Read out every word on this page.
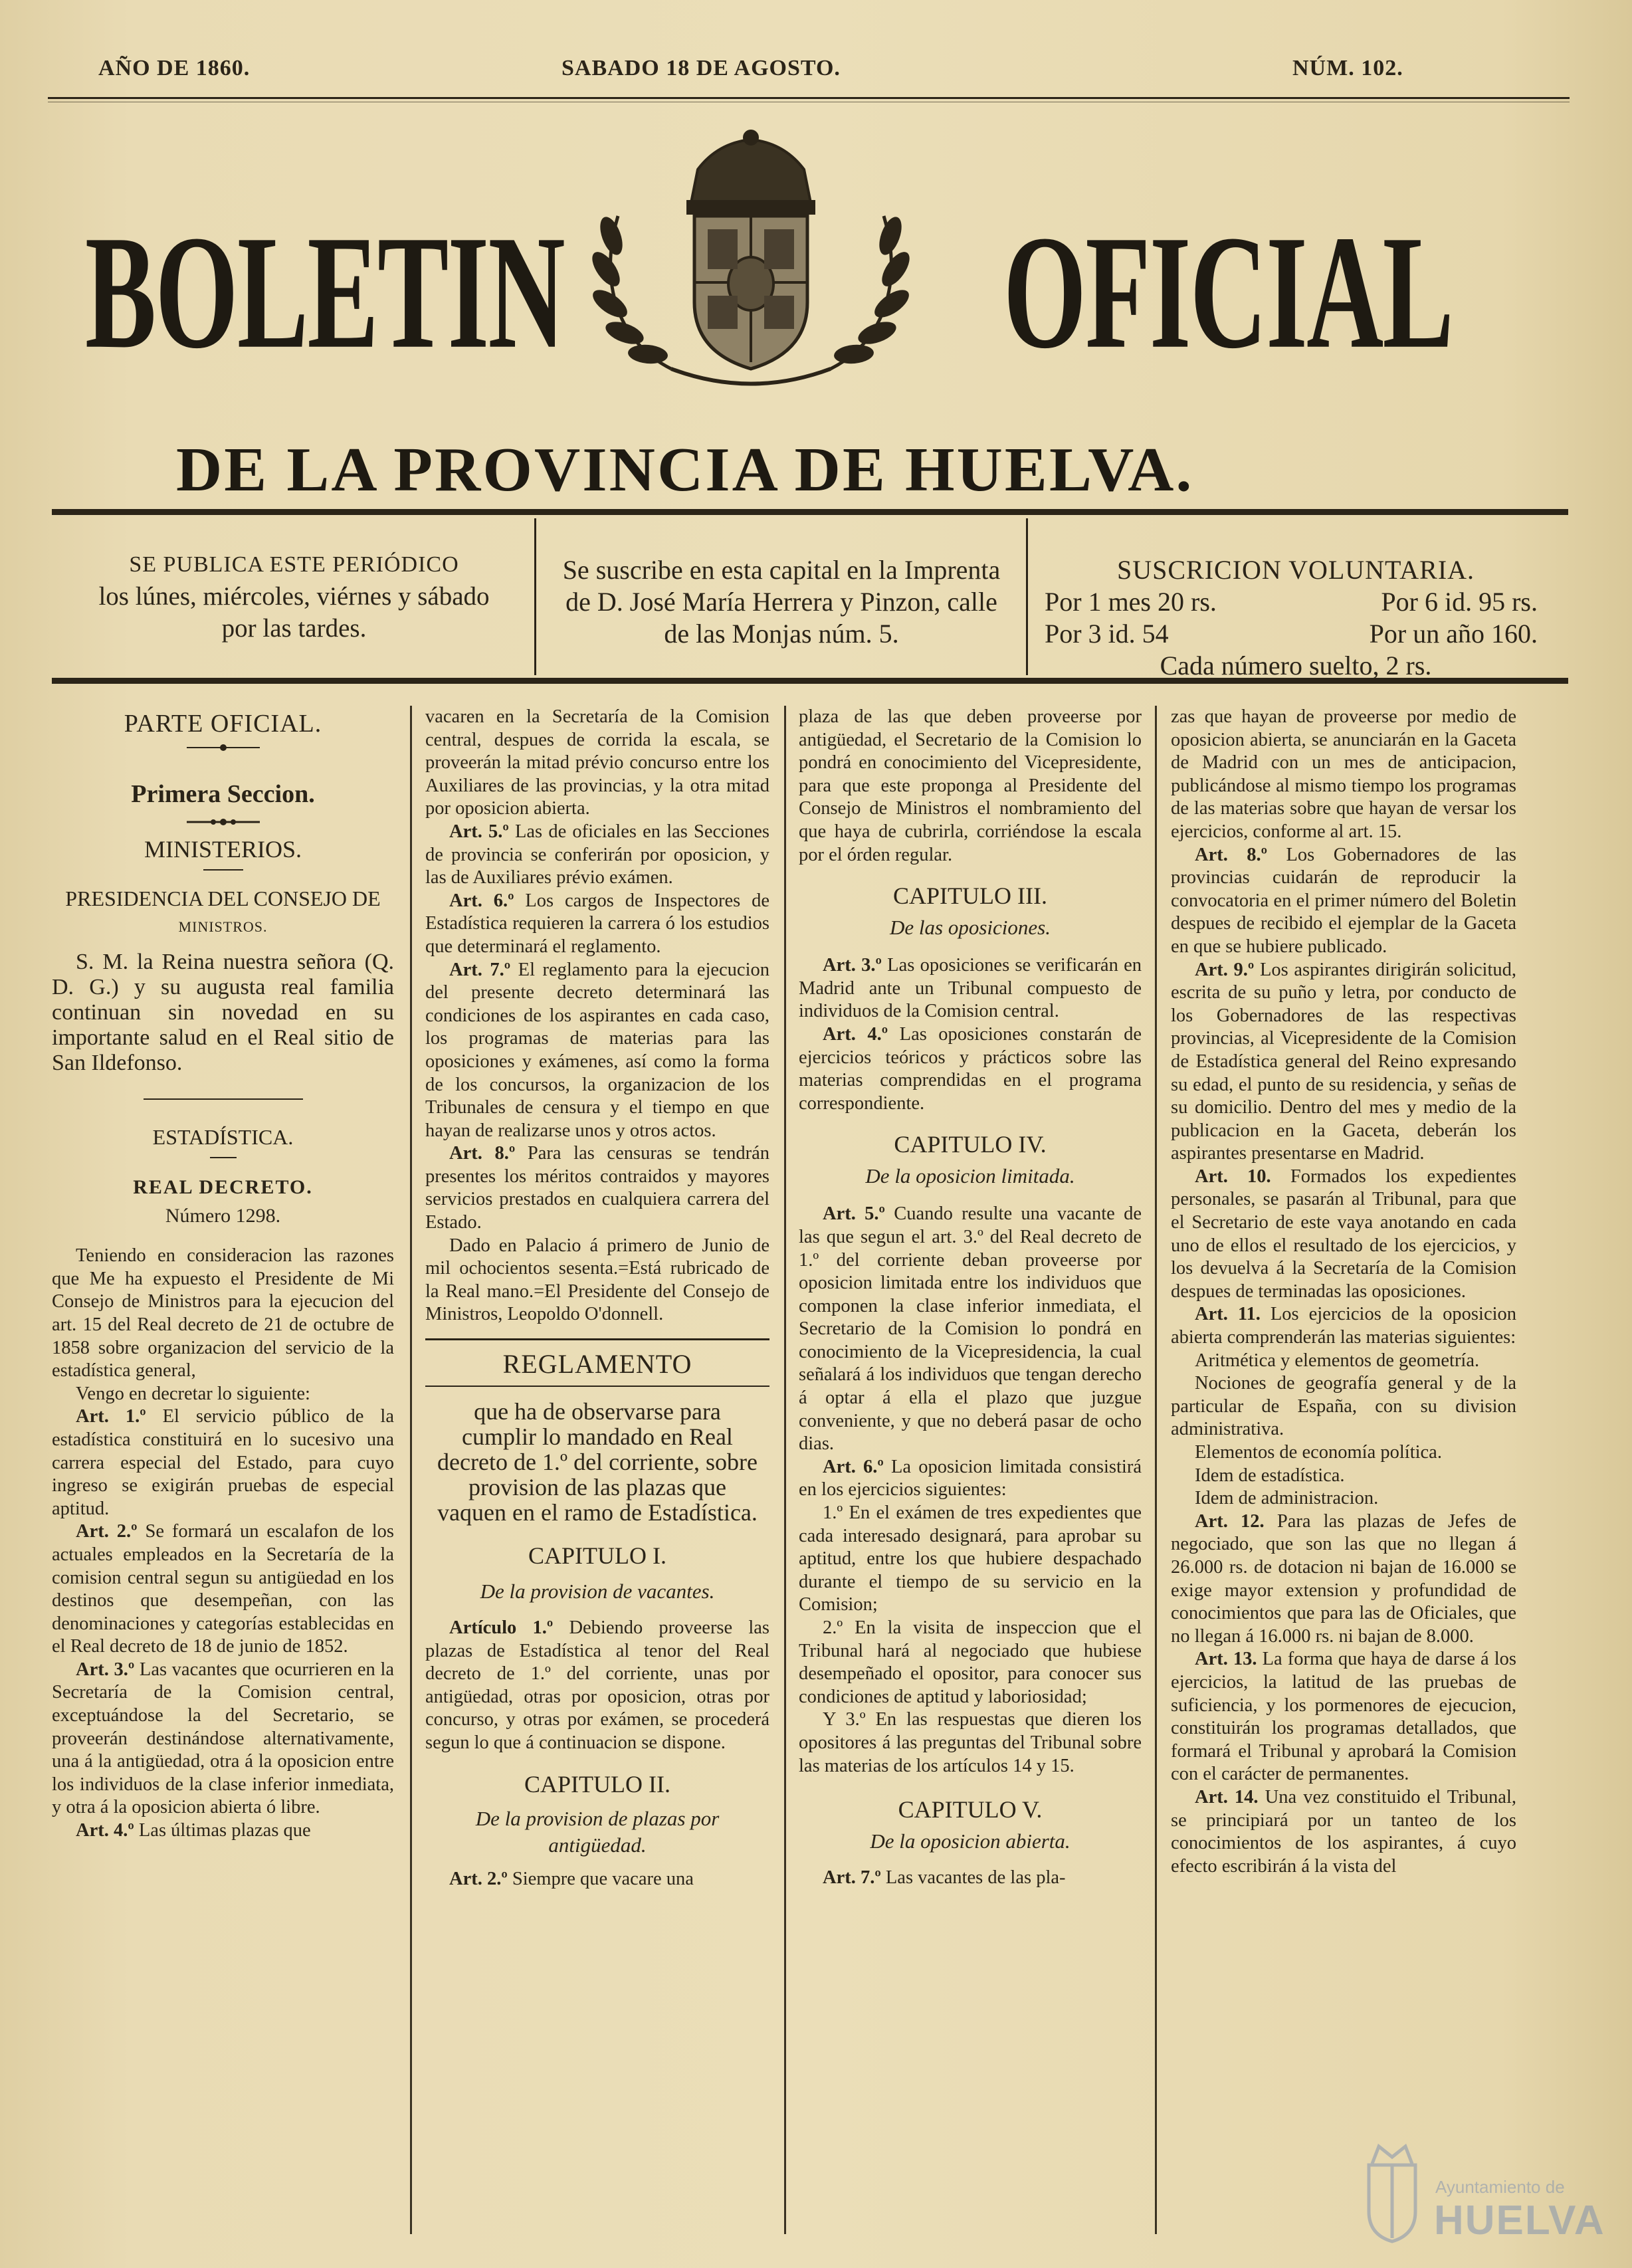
AÑO DE 1860.	SABADO 18 DE AGOSTO.	NÚM. 102.
BOLETIN	OFICIAL
DE LA PROVINCIA DE HUELVA.
SE PUBLICA ESTE PERIÓDICO
los lúnes, miércoles, viérnes y sábado
por las tardes.
Se suscribe en esta capital en la Imprenta
de D. José María Herrera y Pinzon, calle
de las Monjas núm. 5.
SUSCRICION VOLUNTARIA.
Por 1 mes 20 rs.	Por 6 id. 95 rs.
Por 3 id. 54	Por un año 160.
Cada número suelto, 2 rs.

PARTE OFICIAL.

Primera Seccion.

MINISTERIOS.

PRESIDENCIA DEL CONSEJO DE

MINISTROS.

S. M. la Reina nuestra señora (Q. D. G.) y su augusta real familia continuan sin novedad en su importante salud en el Real sitio de San Ildefonso.

ESTADÍSTICA.

REAL DECRETO.

Número 1298.

Teniendo en consideracion las razones que Me ha expuesto el Presidente de Mi Consejo de Ministros para la ejecucion del art. 15 del Real decreto de 21 de octubre de 1858 sobre organizacion del servicio de la estadística general,

Vengo en decretar lo siguiente:

Art. 1.º El servicio público de la estadística constituirá en lo sucesivo una carrera especial del Estado, para cuyo ingreso se exigirán pruebas de especial aptitud.

Art. 2.º Se formará un escalafon de los actuales empleados en la Secretaría de la comision central segun su antigüedad en los destinos que desempeñan, con las denominaciones y categorías establecidas en el Real decreto de 18 de junio de 1852.

Art. 3.º Las vacantes que ocurrieren en la Secretaría de la Comision central, exceptuándose la del Secretario, se proveerán destinándose alternativamente, una á la antigüedad, otra á la oposicion entre los individuos de la clase inferior inmediata, y otra á la oposicion abierta ó libre.

Art. 4.º Las últimas plazas que

vacaren en la Secretaría de la Comision central, despues de corrida la escala, se proveerán la mitad prévio concurso entre los Auxiliares de las provincias, y la otra mitad por oposicion abierta.

Art. 5.º Las de oficiales en las Secciones de provincia se conferirán por oposicion, y las de Auxiliares prévio exámen.

Art. 6.º Los cargos de Inspectores de Estadística requieren la carrera ó los estudios que determinará el reglamento.

Art. 7.º El reglamento para la ejecucion del presente decreto determinará las condiciones de los aspirantes en cada caso, los programas de materias para las oposiciones y exámenes, así como la forma de los concursos, la organizacion de los Tribunales de censura y el tiempo en que hayan de realizarse unos y otros actos.

Art. 8.º Para las censuras se tendrán presentes los méritos contraidos y mayores servicios prestados en cualquiera carrera del Estado.

Dado en Palacio á primero de Junio de mil ochocientos sesenta.=Está rubricado de la Real mano.=El Presidente del Consejo de Ministros, Leopoldo O'donnell.

REGLAMENTO

que ha de observarse para cumplir lo mandado en Real decreto de 1.º del corriente, sobre provision de las plazas que vaquen en el ramo de Estadística.

CAPITULO I.

De la provision de vacantes.

Artículo 1.º Debiendo proveerse las plazas de Estadística al tenor del Real decreto de 1.º del corriente, unas por antigüedad, otras por oposicion, otras por concurso, y otras por exámen, se procederá segun lo que á continuacion se dispone.

CAPITULO II.

De la provision de plazas por antigüedad.

Art. 2.º Siempre que vacare una

plaza de las que deben proveerse por antigüedad, el Secretario de la Comision lo pondrá en conocimiento del Vicepresidente, para que este proponga al Presidente del Consejo de Ministros el nombramiento del que haya de cubrirla, corriéndose la escala por el órden regular.

CAPITULO III.

De las oposiciones.

Art. 3.º Las oposiciones se verificarán en Madrid ante un Tribunal compuesto de individuos de la Comision central.

Art. 4.º Las oposiciones constarán de ejercicios teóricos y prácticos sobre las materias comprendidas en el programa correspondiente.

CAPITULO IV.

De la oposicion limitada.

Art. 5.º Cuando resulte una vacante de las que segun el art. 3.º del Real decreto de 1.º del corriente deban proveerse por oposicion limitada entre los individuos que componen la clase inferior inmediata, el Secretario de la Comision lo pondrá en conocimiento de la Vicepresidencia, la cual señalará á los individuos que tengan derecho á optar á ella el plazo que juzgue conveniente, y que no deberá pasar de ocho dias.

Art. 6.º La oposicion limitada consistirá en los ejercicios siguientes:

1.º En el exámen de tres expedientes que cada interesado designará, para aprobar su aptitud, entre los que hubiere despachado durante el tiempo de su servicio en la Comision;

2.º En la visita de inspeccion que el Tribunal hará al negociado que hubiese desempeñado el opositor, para conocer sus condiciones de aptitud y laboriosidad;

Y 3.º En las respuestas que dieren los opositores á las preguntas del Tribunal sobre las materias de los artículos 14 y 15.

CAPITULO V.

De la oposicion abierta.

Art. 7.º Las vacantes de las pla-

zas que hayan de proveerse por medio de oposicion abierta, se anunciarán en la Gaceta de Madrid con un mes de anticipacion, publicándose al mismo tiempo los programas de las materias sobre que hayan de versar los ejercicios, conforme al art. 15.

Art. 8.º Los Gobernadores de las provincias cuidarán de reproducir la convocatoria en el primer número del Boletin despues de recibido el ejemplar de la Gaceta en que se hubiere publicado.

Art. 9.º Los aspirantes dirigirán solicitud, escrita de su puño y letra, por conducto de los Gobernadores de las respectivas provincias, al Vicepresidente de la Comision de Estadística general del Reino expresando su edad, el punto de su residencia, y señas de su domicilio. Dentro del mes y medio de la publicacion en la Gaceta, deberán los aspirantes presentarse en Madrid.

Art. 10. Formados los expedientes personales, se pasarán al Tribunal, para que el Secretario de este vaya anotando en cada uno de ellos el resultado de los ejercicios, y los devuelva á la Secretaría de la Comision despues de terminadas las oposiciones.

Art. 11. Los ejercicios de la oposicion abierta comprenderán las materias siguientes:

Aritmética y elementos de geometría.

Nociones de geografía general y de la particular de España, con su division administrativa.

Elementos de economía política.

Idem de estadística.

Idem de administracion.

Art. 12. Para las plazas de Jefes de negociado, que son las que no llegan á 26.000 rs. de dotacion ni bajan de 16.000 se exige mayor extension y profundidad de conocimientos que para las de Oficiales, que no llegan á 16.000 rs. ni bajan de 8.000.

Art. 13. La forma que haya de darse á los ejercicios, la latitud de las pruebas de suficiencia, y los pormenores de ejecucion, constituirán los programas detallados, que formará el Tribunal y aprobará la Comision con el carácter de permanentes.

Art. 14. Una vez constituido el Tribunal, se principiará por un tanteo de los conocimientos de los aspirantes, á cuyo efecto escribirán á la vista del

Ayuntamiento de
HUELVA
